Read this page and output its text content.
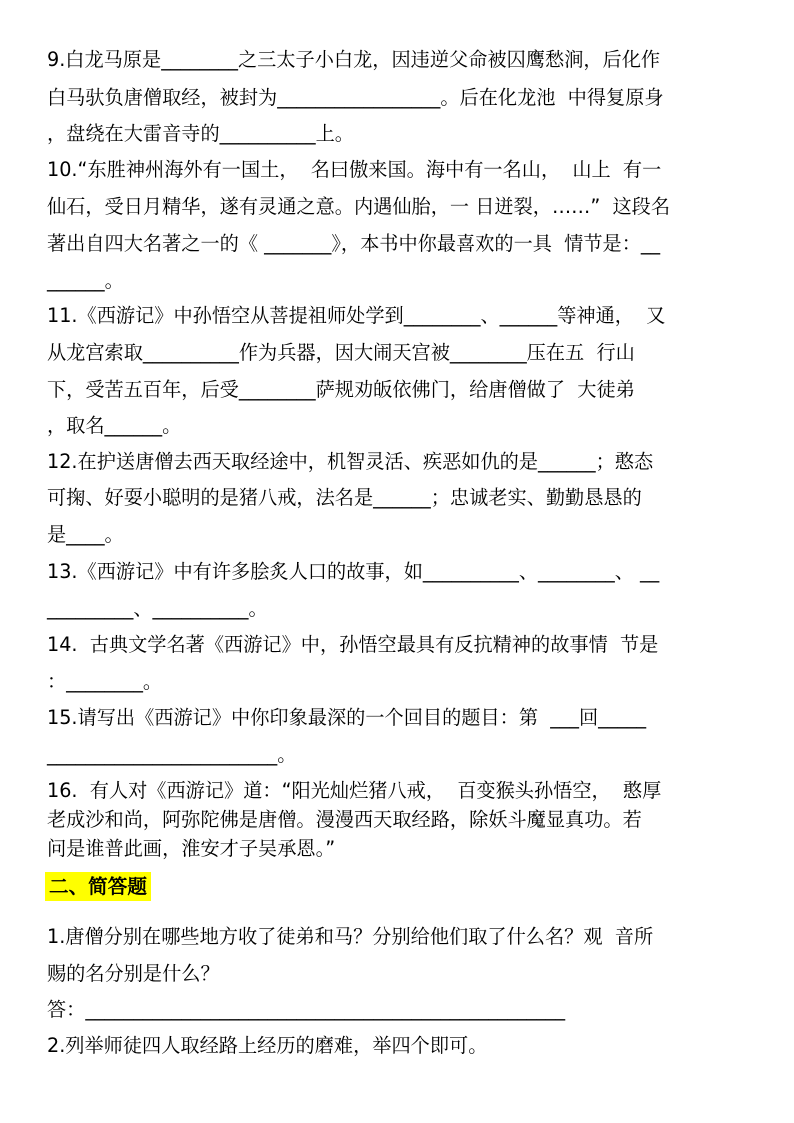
9.白龙马原是________之三太子小白龙，因违逆父命被囚鹰愁涧，后化作
白马驮负唐僧取经，被封为_________________。后在化龙池  中得复原身
，盘绕在大雷音寺的__________上。
10.“东胜神州海外有一国土，  名曰傲来国。海中有一名山，  山上  有一
仙石，受日月精华，遂有灵通之意。内遇仙胎，一 日迸裂，……”  这段名
著出自四大名著之一的《 _______》，本书中你最喜欢的一具  情节是：__
______。
11.《西游记》中孙悟空从菩提祖师处学到________、______等神通，  又
从龙宫索取__________作为兵器，因大闹天宫被________压在五  行山
下，受苦五百年，后受________萨规劝皈依佛门，给唐僧做了  大徒弟
，取名______。
12.在护送唐僧去西天取经途中，机智灵活、疾恶如仇的是______；憨态
可掬、好耍小聪明的是猪八戒，法名是______；忠诚老实、勤勤恳恳的
是____。
13.《西游记》中有许多脍炙人口的故事，如__________、________、 __
_________、__________。
14.  古典文学名著《西游记》中，孙悟空最具有反抗精神的故事情  节是
：________。
15.请写出《西游记》中你印象最深的一个回目的题目：第  ___回_____
________________________。
16.  有人对《西游记》道：“阳光灿烂猪八戒，  百变猴头孙悟空，  憨厚
老成沙和尚，阿弥陀佛是唐僧。漫漫西天取经路，除妖斗魔显真功。若
问是谁普此画，淮安才子吴承恩。”
二、简答题
1.唐僧分别在哪些地方收了徒弟和马？分别给他们取了什么名？观  音所
赐的名分别是什么？
答：__________________________________________________
2.列举师徒四人取经路上经历的磨难，举四个即可。
